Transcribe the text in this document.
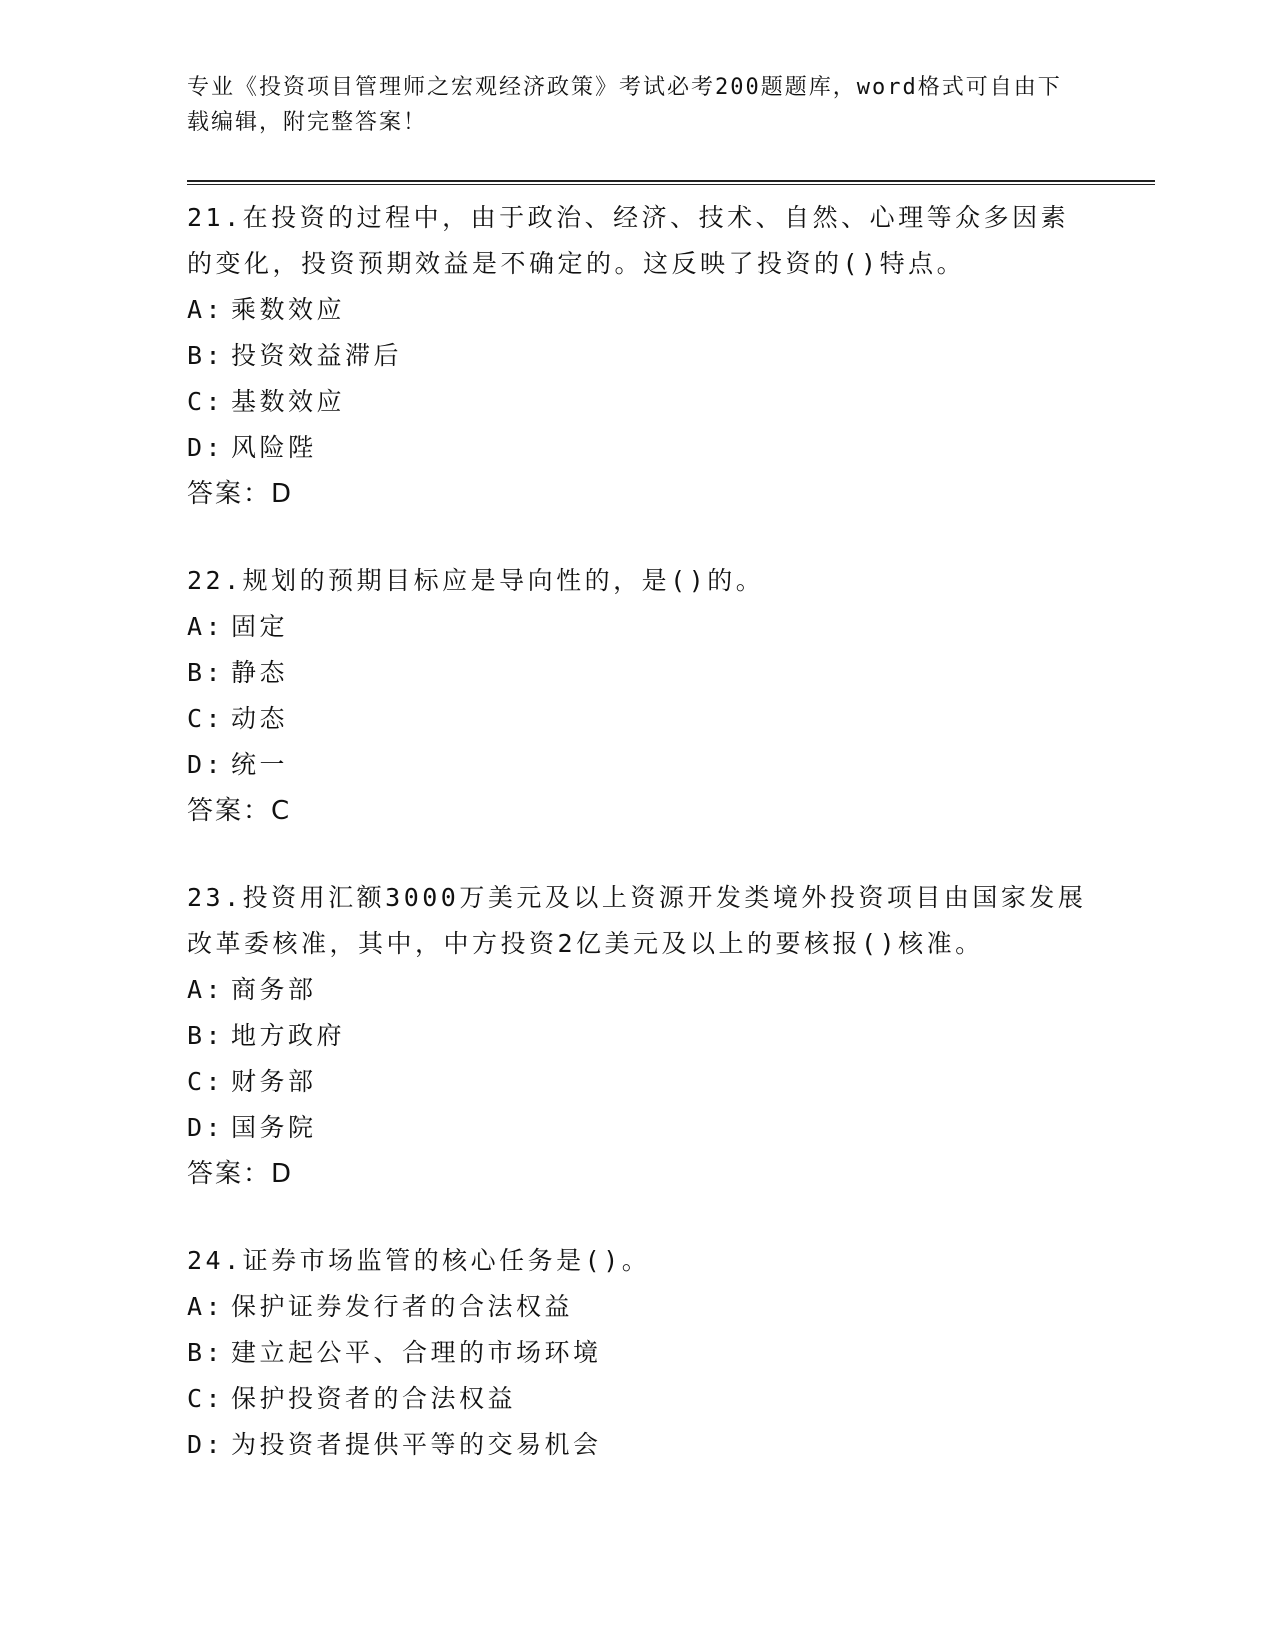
专业《投资项目管理师之宏观经济政策》考试必考200题题库，word格式可自由下载编辑，附完整答案！

21.在投资的过程中，由于政治、经济、技术、自然、心理等众多因素的变化，投资预期效益是不确定的。这反映了投资的()特点。

A: 乘数效应

B: 投资效益滞后

C: 基数效应

D: 风险陛

答案：D

22.规划的预期目标应是导向性的，是()的。

A: 固定

B: 静态

C: 动态

D: 统一

答案：C

23.投资用汇额3000万美元及以上资源开发类境外投资项目由国家发展改革委核准，其中，中方投资2亿美元及以上的要核报()核准。

A: 商务部

B: 地方政府

C: 财务部

D: 国务院

答案：D

24.证券市场监管的核心任务是()。

A: 保护证券发行者的合法权益

B: 建立起公平、合理的市场环境

C: 保护投资者的合法权益

D: 为投资者提供平等的交易机会
